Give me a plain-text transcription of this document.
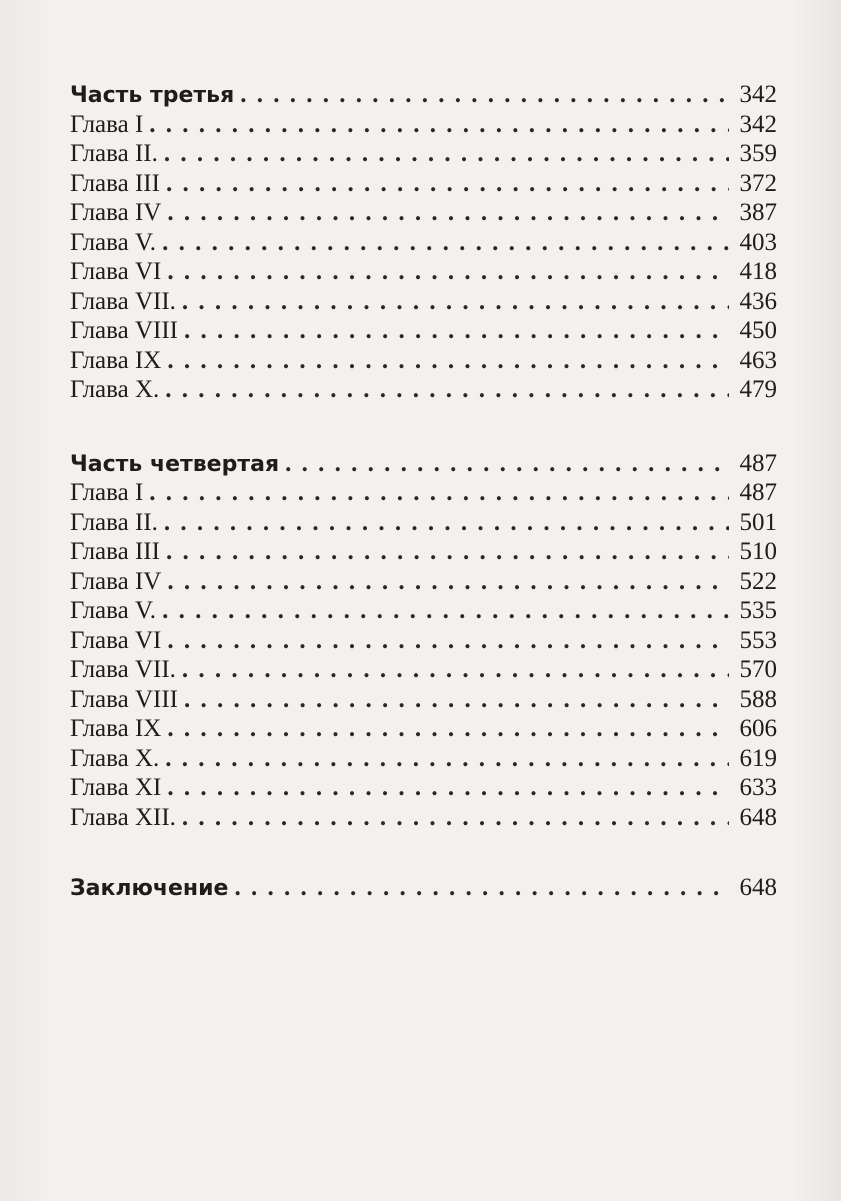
Часть третья . . .	342
Глава I . . .	342
Глава II. . . .	359
Глава III . . .	372
Глава IV . . .	387
Глава V. . . .	403
Глава VI . . .	418
Глава VII. . . .	436
Глава VIII . . .	450
Глава IX . . .	463
Глава X. . . .	479
Часть четвертая . . .	487
Глава I . . .	487
Глава II. . . .	501
Глава III . . .	510
Глава IV . . .	522
Глава V. . . .	535
Глава VI . . .	553
Глава VII. . . .	570
Глава VIII . . .	588
Глава IX . . .	606
Глава X. . . .	619
Глава XI . . .	633
Глава XII. . . .	648
Заключение . . .	648
